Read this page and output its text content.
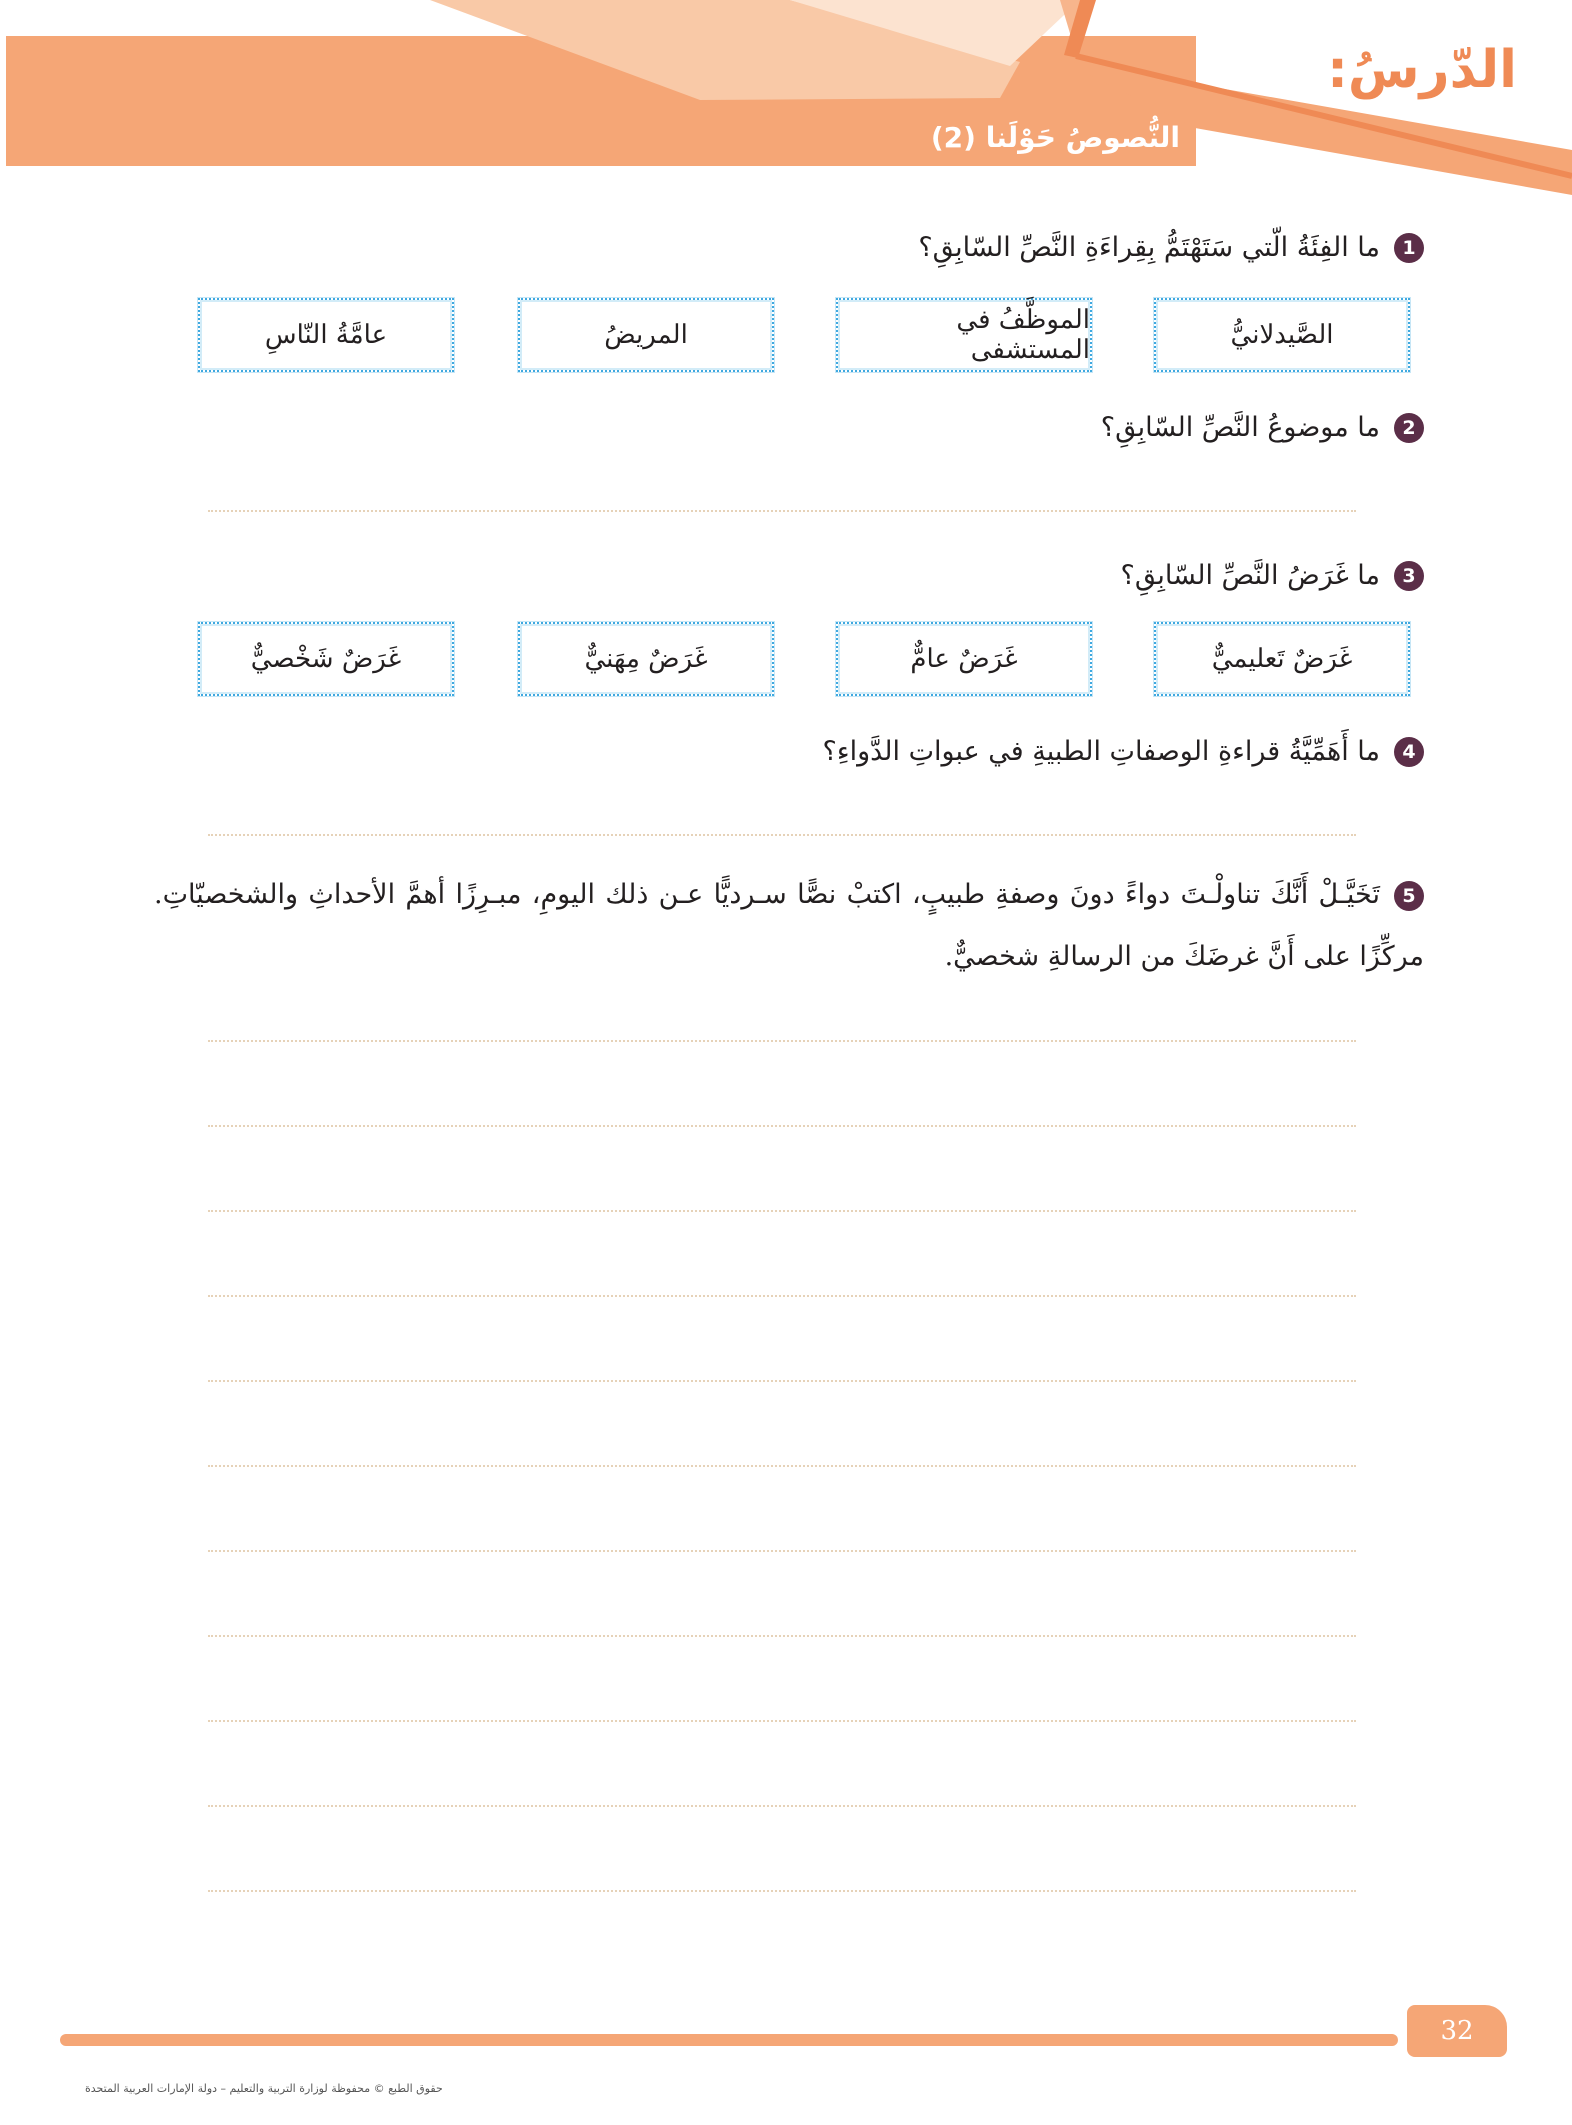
الدّرسُ:
النُّصوصُ حَوْلَنا (2)
1
ما الفِئَةُ الّتي سَتَهْتَمُّ بِقِراءَةِ النَّصِّ السّابِقِ؟
الصَّيدلانيُّ
الموظَّفُ في المستشفى
المريضُ
عامَّةُ النّاسِ
2
ما موضوعُ النَّصِّ السّابِقِ؟
3
ما غَرَضُ النَّصِّ السّابِقِ؟
غَرَضٌ تَعليميٌّ
غَرَضٌ عامٌّ
غَرَضٌ مِهَنيٌّ
غَرَضٌ شَخْصيٌّ
4
ما أَهَمِّيَّةُ قراءةِ الوصفاتِ الطبيةِ في عبواتِ الدَّواءِ؟
5تَخَيَّـلْ أَنَّكَ تناولْـتَ دواءً دونَ وصفةِ طبيبٍ، اكتبْ نصًّا سـرديًّا عـن ذلك اليومِ، مبـرِزًا أهمَّ الأحداثِ والشخصيّاتِ. مركِّزًا على أَنَّ غرضَكَ من الرسالةِ شخصيٌّ.
32
حقوق الطبع © محفوظة لوزارة التربية والتعليم – دولة الإمارات العربية المتحدة
